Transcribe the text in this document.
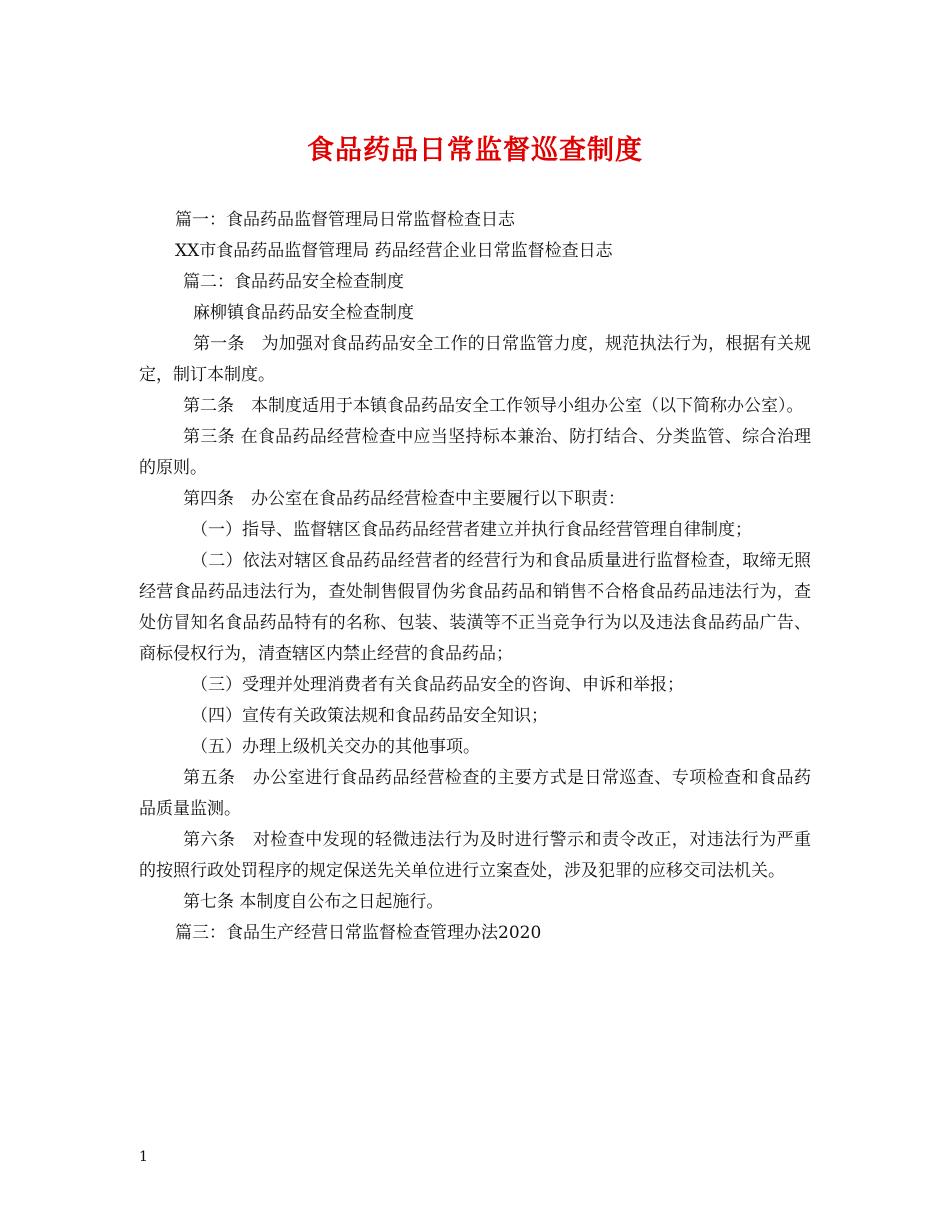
食品药品日常监督巡查制度

篇一：食品药品监督管理局日常监督检查日志

XX市食品药品监督管理局 药品经营企业日常监督检查日志

篇二：食品药品安全检查制度

麻柳镇食品药品安全检查制度

第一条　为加强对食品药品安全工作的日常监管力度，规范执法行为，根据有关规定，制订本制度。

第二条　本制度适用于本镇食品药品安全工作领导小组办公室（以下简称办公室）。

第三条 在食品药品经营检查中应当坚持标本兼治、防打结合、分类监管、综合治理的原则。

第四条　办公室在食品药品经营检查中主要履行以下职责：

（一）指导、监督辖区食品药品经营者建立并执行食品经营管理自律制度；

（二）依法对辖区食品药品经营者的经营行为和食品质量进行监督检查，取缔无照经营食品药品违法行为，查处制售假冒伪劣食品药品和销售不合格食品药品违法行为，查处仿冒知名食品药品特有的名称、包装、装潢等不正当竞争行为以及违法食品药品广告、商标侵权行为，清查辖区内禁止经营的食品药品；

（三）受理并处理消费者有关食品药品安全的咨询、申诉和举报；

（四）宣传有关政策法规和食品药品安全知识；

（五）办理上级机关交办的其他事项。

第五条　办公室进行食品药品经营检查的主要方式是日常巡查、专项检查和食品药品质量监测。

第六条　对检查中发现的轻微违法行为及时进行警示和责令改正，对违法行为严重的按照行政处罚程序的规定保送先关单位进行立案查处，涉及犯罪的应移交司法机关。

第七条 本制度自公布之日起施行。

篇三：食品生产经营日常监督检查管理办法2020

1
